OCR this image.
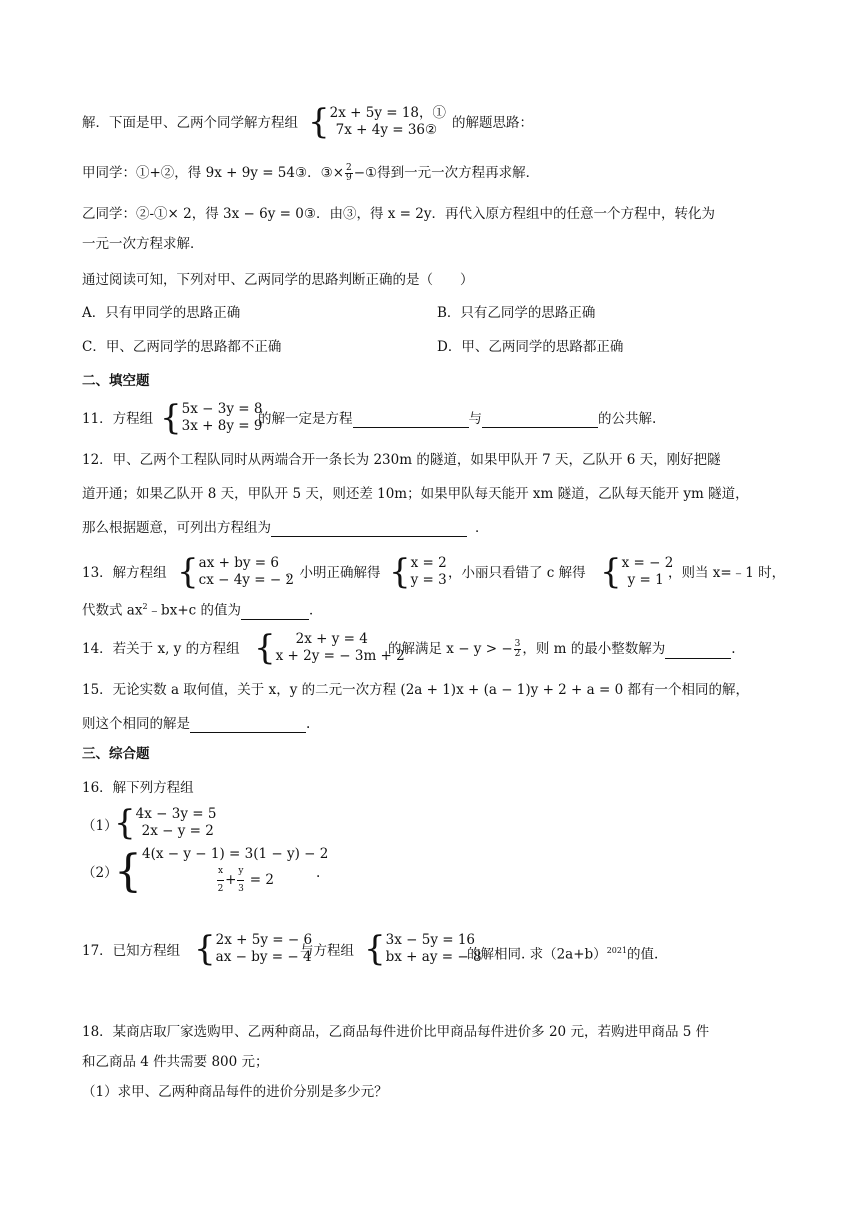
解．下面是甲、乙两个同学解方程组 { 2x + 5y = 18，①
7x + 4y = 36②	的解题思路：
甲同学：①+②，得 9x + 9y = 54③．③× $\frac{2}{9}$ −①得到一元一次方程再求解．
乙同学：②-①× 2，得 3x − 6y = 0③．由③，得 x = 2y．再代入原方程组中的任意一个方程中，转化为
一元一次方程求解．
通过阅读可知，下列对甲、乙两同学的思路判断正确的是（　　）
A．只有甲同学的思路正确	B．只有乙同学的思路正确
C．甲、乙两同学的思路都不正确	D．甲、乙两同学的思路都正确
二、填空题
11．方程组 { 5x − 3y = 8
3x + 8y = 9
的解一定是方程	与	的公共解.
12．甲、乙两个工程队同时从两端合开一条长为 230m 的隧道，如果甲队开 7 天，乙队开 6 天，刚好把隧
道开通；如果乙队开 8 天，甲队开 5 天，则还差 10m；如果甲队每天能开 xm 隧道，乙队每天能开 ym 隧道，
那么根据题意，可列出方程组为	．
13．解方程组 { ax + by = 6
cx − 4y = − 2
，小明正确解得 { x = 2
y = 3 ，小丽只看错了 c 解得 { x = − 2
y = 1 ，则当 x=﹣1 时，
代数式 $ax^2﹣bx+c$ 的值为	．
14．若关于 x, y 的方程组 {	2x + y = 4
x + 2y = − 3m + 2
的解满足 x − y > − $\frac{3}{2}$ ，则 m 的最小整数解为	.
15．无论实数 a 取何值，关于 x，y 的二元一次方程 (2a + 1)x + (a − 1)y + 2 + a = 0 都有一个相同的解，
则这个相同的解是	.
三、综合题
16．解下列方程组
（1）
{ 4x − 3y = 5
2x − y = 2
（2）
{ 4(x − y − 1) = 3(1 − y) − 2
$\frac{x}{2} + \frac{y}{3} = 2$	.
17．已知方程组 { 2x + 5y = − 6
ax − by = − 4
与方程组 { 3x − 5y = 16
bx + ay = − 8
的解相同. 求$(2a+b)^{2021}$的值.
18．某商店取厂家选购甲、乙两种商品，乙商品每件进价比甲商品每件进价多 20 元，若购进甲商品 5 件
和乙商品 4 件共需要 800 元；
（1）求甲、乙两种商品每件的进价分别是多少元？
